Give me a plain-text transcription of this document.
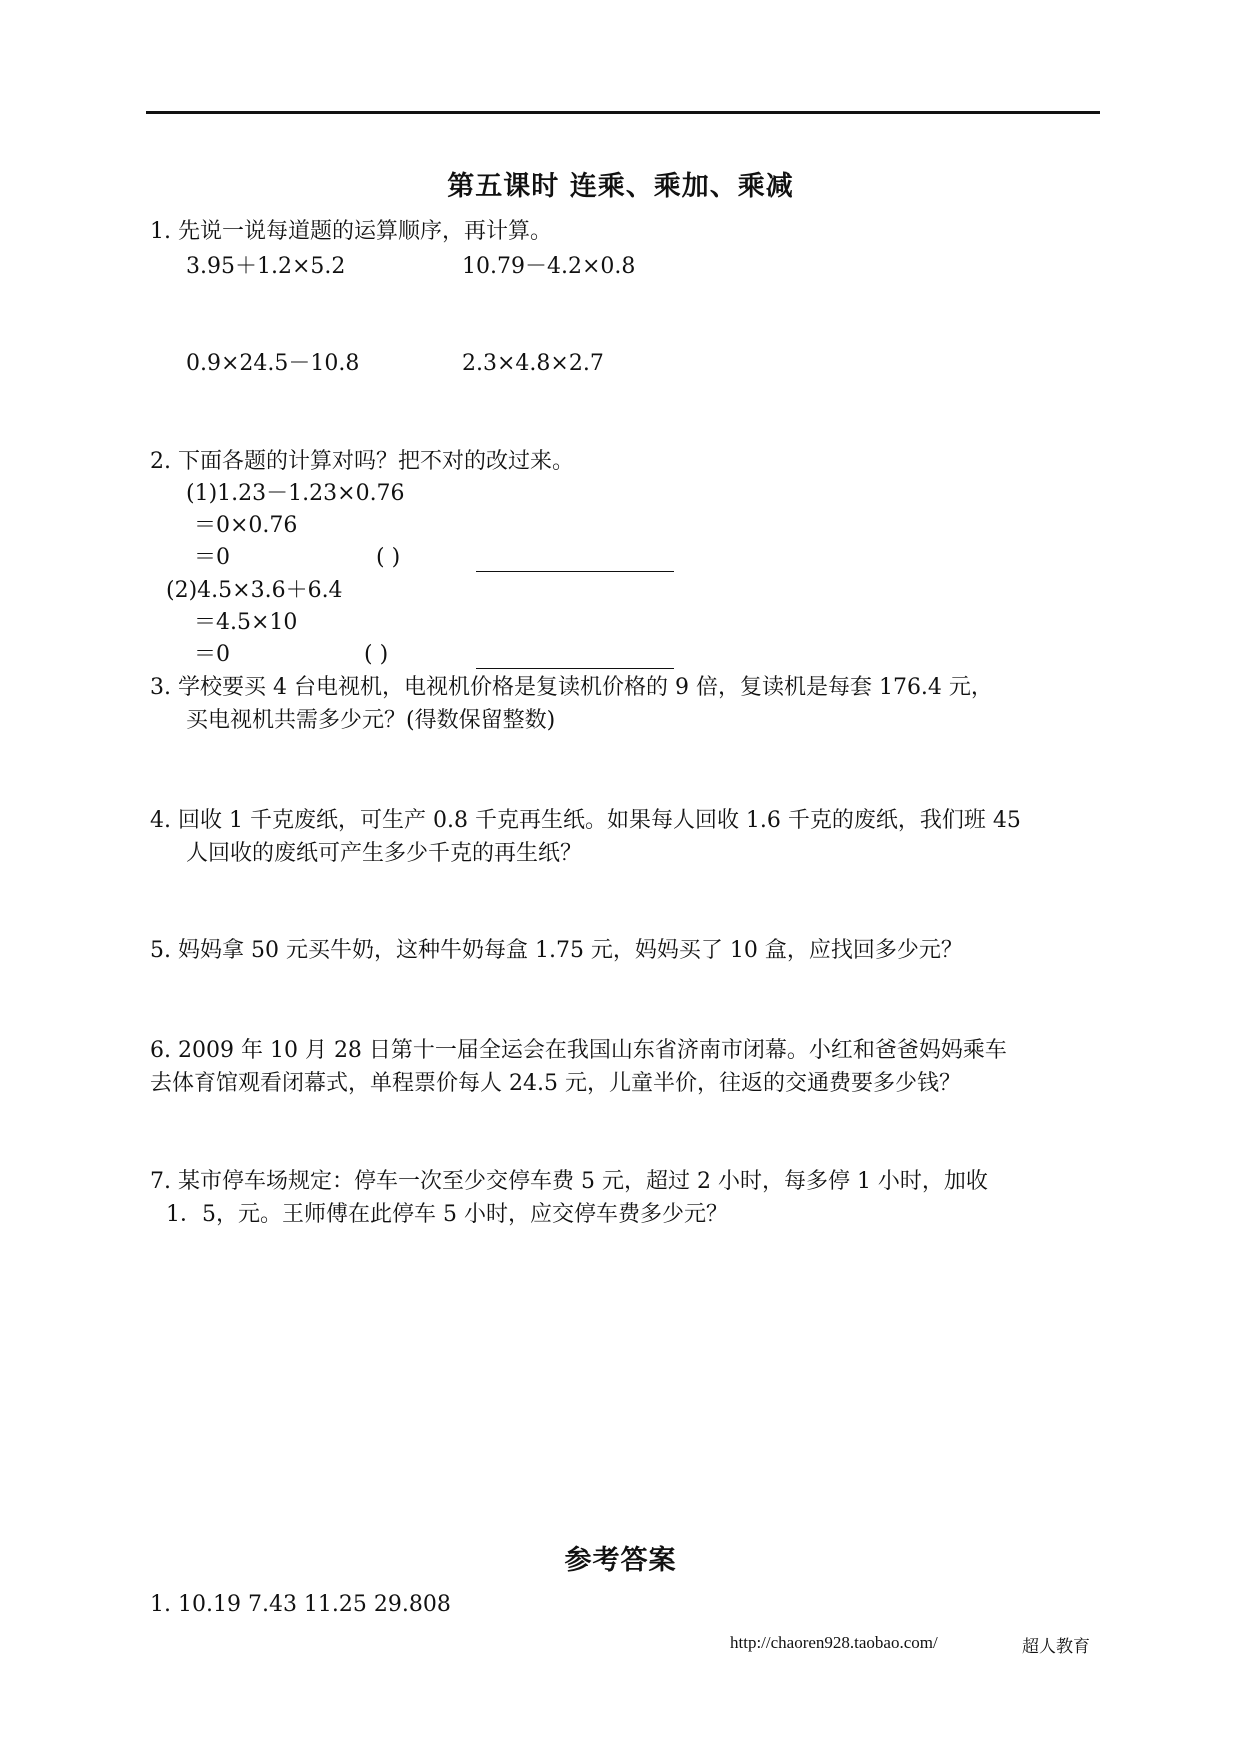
第五课时 连乘、乘加、乘减
1. 先说一说每道题的运算顺序，再计算。
3.95＋1.2×5.2	10.79－4.2×0.8
0.9×24.5－10.8	2.3×4.8×2.7
2. 下面各题的计算对吗？把不对的改过来。
(1)1.23－1.23×0.76
＝0×0.76
＝0	( )
(2)4.5×3.6＋6.4
＝4.5×10
＝0	( )
3. 学校要买 4 台电视机，电视机价格是复读机价格的 9 倍，复读机是每套 176.4 元，
买电视机共需多少元？(得数保留整数)
4. 回收 1 千克废纸，可生产 0.8 千克再生纸。如果每人回收 1.6 千克的废纸，我们班 45
人回收的废纸可产生多少千克的再生纸？
5. 妈妈拿 50 元买牛奶，这种牛奶每盒 1.75 元，妈妈买了 10 盒，应找回多少元？
6. 2009 年 10 月 28 日第十一届全运会在我国山东省济南市闭幕。小红和爸爸妈妈乘车
去体育馆观看闭幕式，单程票价每人 24.5 元，儿童半价，往返的交通费要多少钱？
7. 某市停车场规定：停车一次至少交停车费 5 元，超过 2 小时，每多停 1 小时，加收
1．5，元。王师傅在此停车 5 小时，应交停车费多少元？
参考答案
1. 10.19 7.43 11.25 29.808
http://chaoren928.taobao.com/	超人教育
